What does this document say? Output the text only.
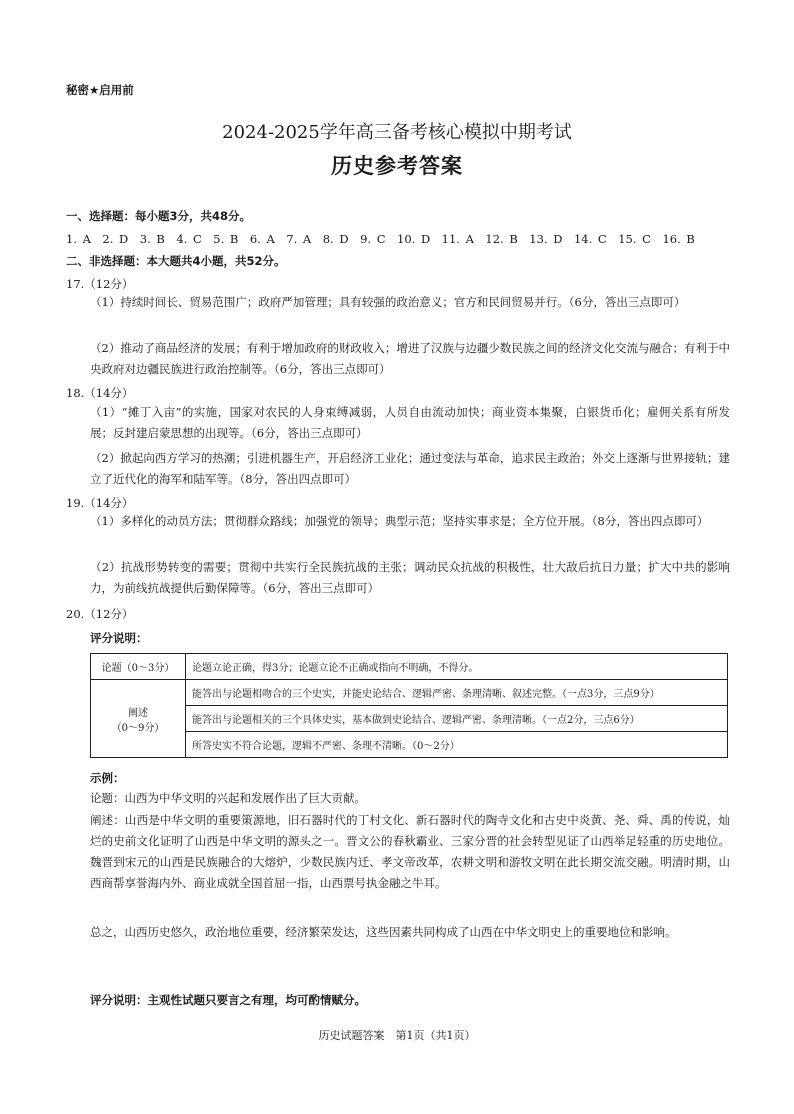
秘密★启用前
2024-2025学年高三备考核心模拟中期考试
历史参考答案
一、选择题：每小题3分，共48分。
1. A　2. D　3. B　4. C　5. B　6. A　7. A　8. D　9. C　10. D　11. A　12. B　13. D　14. C　15. C　16. B
二、非选择题：本大题共4小题，共52分。
17.（12分）
（1）持续时间长、贸易范围广；政府严加管理；具有较强的政治意义；官方和民间贸易并行。（6分，答出三点即可）
（2）推动了商品经济的发展；有利于增加政府的财政收入；增进了汉族与边疆少数民族之间的经济文化交流与融合；有利于中央政府对边疆民族进行政治控制等。（6分，答出三点即可）
18.（14分）
（1）“摊丁入亩”的实施，国家对农民的人身束缚减弱，人员自由流动加快；商业资本集聚，白银货币化；雇佣关系有所发展；反封建启蒙思想的出现等。（6分，答出三点即可）
（2）掀起向西方学习的热潮；引进机器生产，开启经济工业化；通过变法与革命，追求民主政治；外交上逐渐与世界接轨；建立了近代化的海军和陆军等。（8分，答出四点即可）
19.（14分）
（1）多样化的动员方法；贯彻群众路线；加强党的领导；典型示范；坚持实事求是；全方位开展。（8分，答出四点即可）
（2）抗战形势转变的需要；贯彻中共实行全民族抗战的主张；调动民众抗战的积极性，壮大敌后抗日力量；扩大中共的影响力，为前线抗战提供后勤保障等。（6分，答出三点即可）
20.（12分）
评分说明：
论题（0～3分）	论题立论正确，得3分；论题立论不正确或指向不明确，不得分。

阐述
（0～9分）	能答出与论题相吻合的三个史实，并能史论结合、逻辑严密、条理清晰、叙述完整。（一点3分，三点9分）
	能答出与论题相关的三个具体史实，基本做到史论结合、逻辑严密、条理清晰。（一点2分，三点6分）
	所答史实不符合论题，逻辑不严密、条理不清晰。（0～2分）
示例：
论题：山西为中华文明的兴起和发展作出了巨大贡献。
阐述：山西是中华文明的重要策源地，旧石器时代的丁村文化、新石器时代的陶寺文化和古史中炎黄、尧、舜、禹的传说，灿烂的史前文化证明了山西是中华文明的源头之一。晋文公的春秋霸业、三家分晋的社会转型见证了山西举足轻重的历史地位。魏晋到宋元的山西是民族融合的大熔炉，少数民族内迁、孝文帝改革，农耕文明和游牧文明在此长期交流交融。明清时期，山西商帮享誉海内外、商业成就全国首屈一指，山西票号执金融之牛耳。
总之，山西历史悠久，政治地位重要，经济繁荣发达，这些因素共同构成了山西在中华文明史上的重要地位和影响。
评分说明：主观性试题只要言之有理，均可酌情赋分。
历史试题答案　第1页（共1页）
